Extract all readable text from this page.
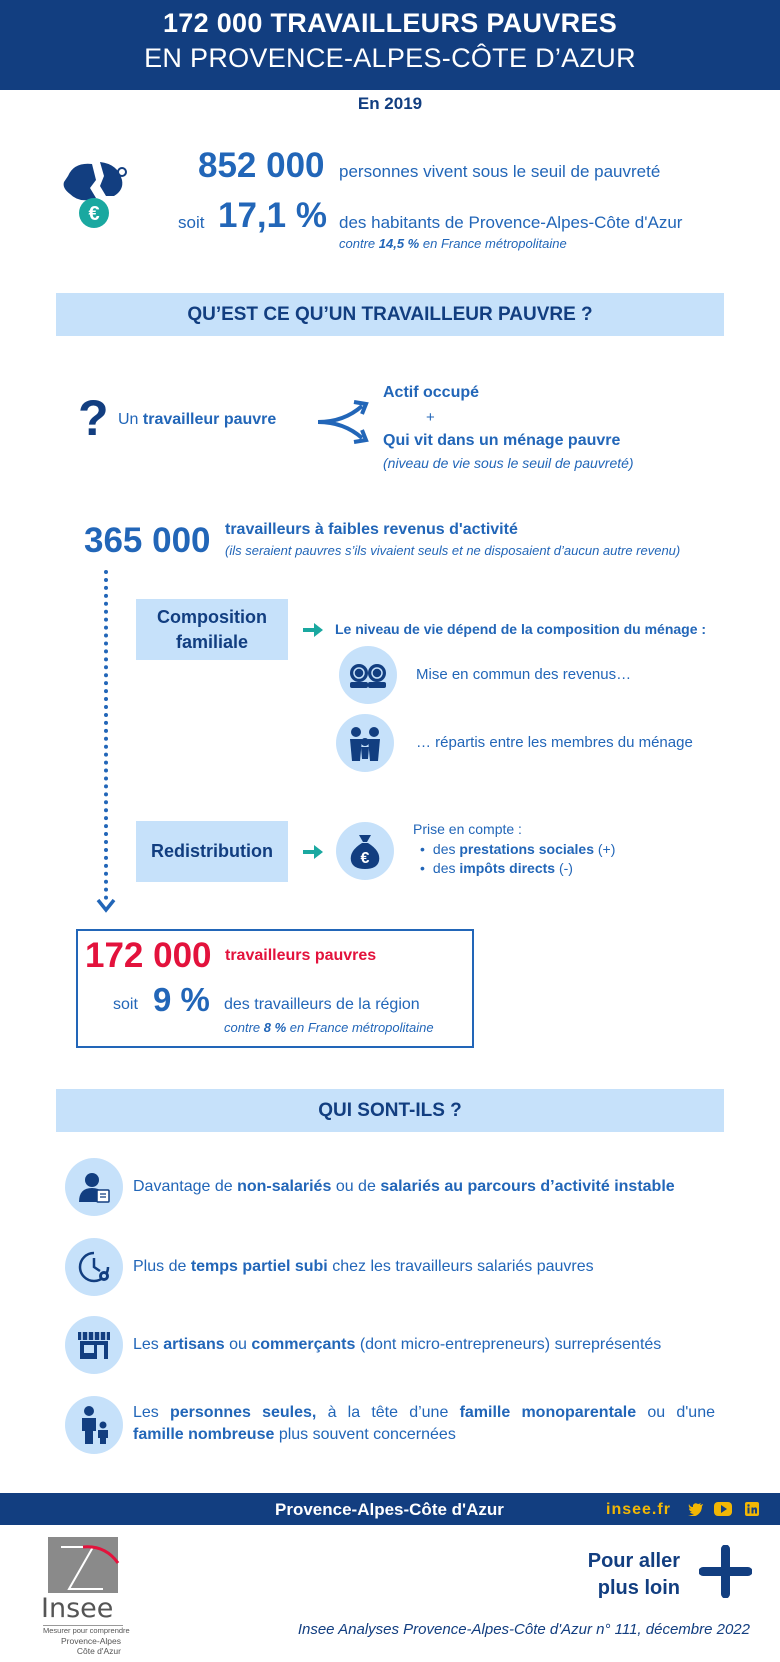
172 000 TRAVAILLEURS PAUVRES
EN PROVENCE-ALPES-CÔTE D’AZUR
En 2019
€
852 000 personnes vivent sous le seuil de pauvreté
soit 17,1 % des habitants de Provence-Alpes-Côte d'Azur
contre 14,5 % en France métropolitaine
QU’EST CE QU’UN TRAVAILLEUR PAUVRE ?
? Un travailleur pauvre
Actif occupé
+
Qui vit dans un ménage pauvre
(niveau de vie sous le seuil de pauvreté)
365 000 travailleurs à faibles revenus d'activité
(ils seraient pauvres s’ils vivaient seuls et ne disposaient d’aucun autre revenu)
Composition
familiale
Le niveau de vie dépend de la composition du ménage :
Mise en commun des revenus…
… répartis entre les membres du ménage
Redistribution	€
Prise en compte :
• des prestations sociales (+)
• des impôts directs (-)
172 000 travailleurs pauvres
soit 9 % des travailleurs de la région
contre 8 % en France métropolitaine
QUI SONT-ILS ?
Davantage de non-salariés ou de salariés au parcours d’activité instable
Plus de temps partiel subi chez les travailleurs salariés pauvres
Les artisans ou commerçants (dont micro-entrepreneurs) surreprésentés
Les personnes seules, à la tête d’une famille monoparentale ou d'une
famille nombreuse plus souvent concernées
Provence-Alpes-Côte d'Azur	insee.fr
Insee
Mesurer pour comprendre
Provence-Alpes
Côte d'Azur
Pour aller
plus loin
Insee Analyses Provence-Alpes-Côte d'Azur n° 111, décembre 2022
